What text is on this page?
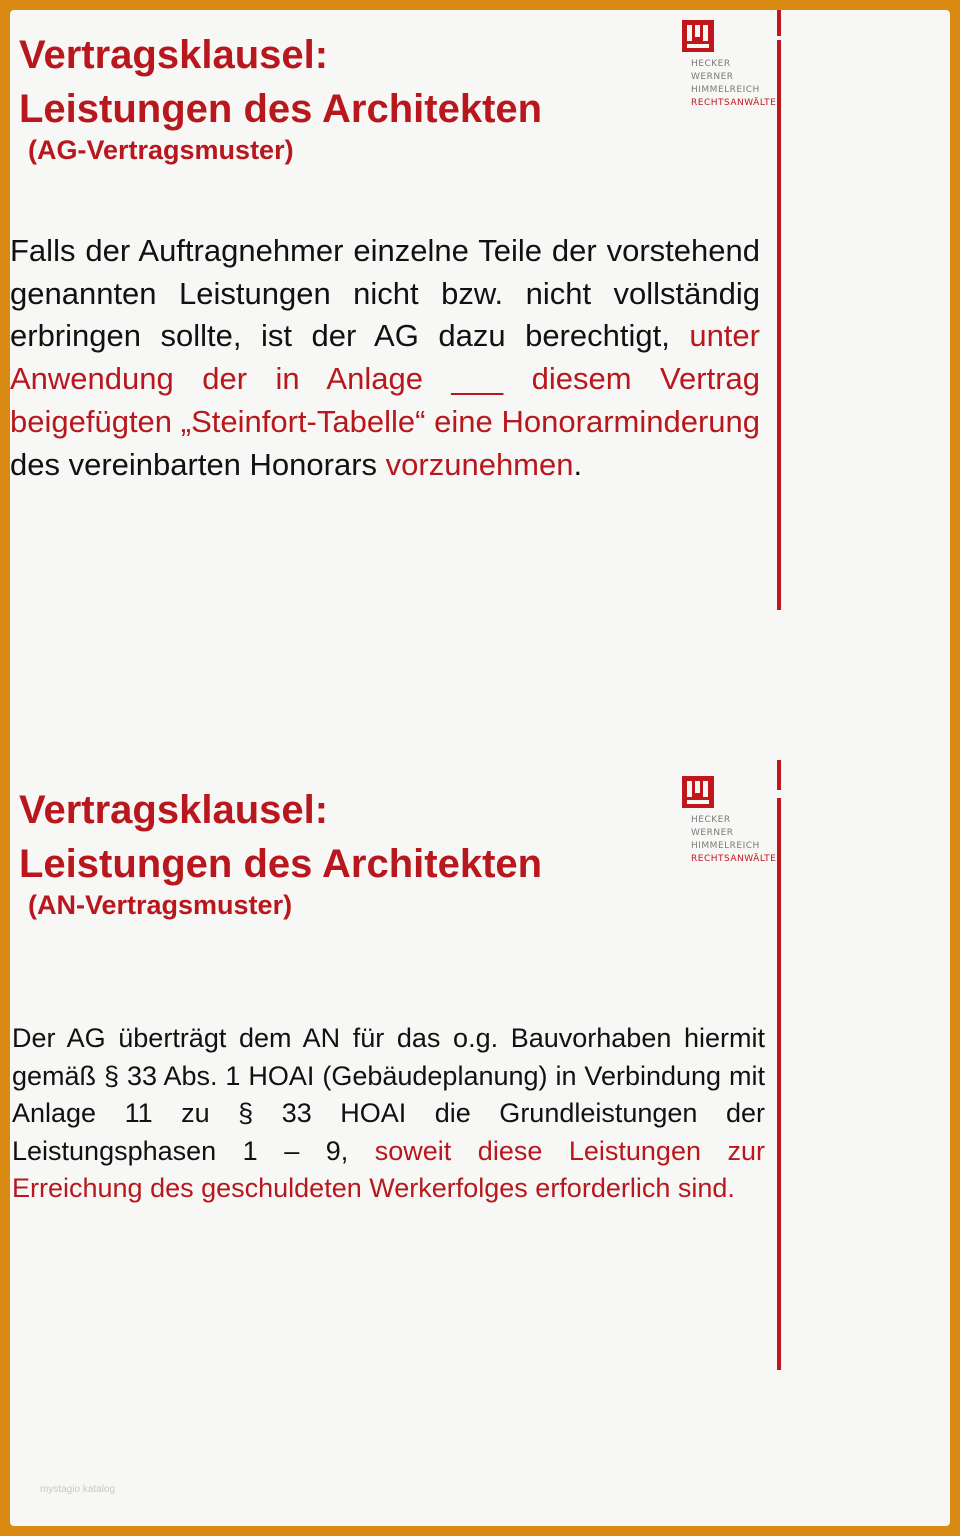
Vertragsklausel:
Leistungen des Architekten
(AG-Vertragsmuster)
HECKER
WERNER
HIMMELREICH
RECHTSANWÄLTE

Falls der Auftragnehmer einzelne Teile der vorstehend genannten Leistungen nicht bzw. nicht vollständig erbringen sollte, ist der AG dazu berechtigt, unter Anwendung der in Anlage ___ diesem Vertrag beigefügten „Steinfort-Tabelle“ eine Honorarminderung des vereinbarten Honorars vorzunehmen.

Vertragsklausel:
Leistungen des Architekten
(AN-Vertragsmuster)
HECKER
WERNER
HIMMELREICH
RECHTSANWÄLTE

Der AG überträgt dem AN für das o.g. Bauvorhaben hiermit gemäß § 33 Abs. 1 HOAI (Gebäudeplanung) in Verbindung mit Anlage 11 zu § 33 HOAI die Grundleistungen der Leistungsphasen 1 – 9, soweit diese Leistungen zur Erreichung des geschuldeten Werkerfolges erforderlich sind.

mystagio katalog
